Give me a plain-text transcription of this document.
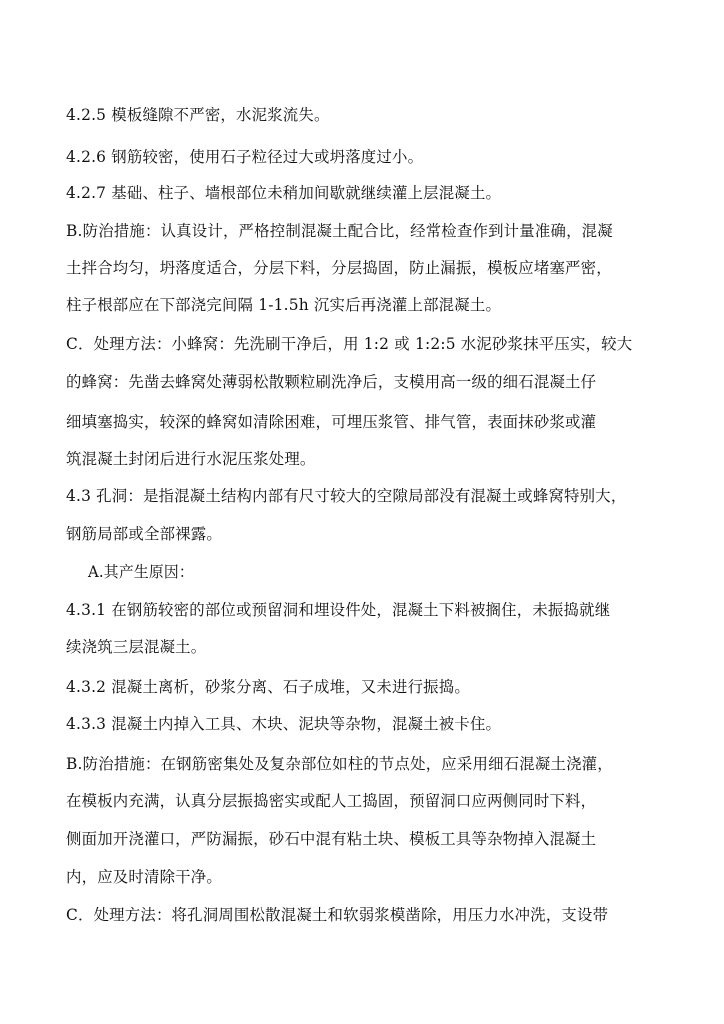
4.2.5 模板缝隙不严密，水泥浆流失。
4.2.6 钢筋较密，使用石子粒径过大或坍落度过小。
4.2.7 基础、柱子、墙根部位未稍加间歇就继续灌上层混凝土。
B.防治措施：认真设计，严格控制混凝土配合比，经常检查作到计量准确，混凝
土拌合均匀，坍落度适合，分层下料，分层捣固，防止漏振，模板应堵塞严密，
柱子根部应在下部浇完间隔 1-1.5h 沉实后再浇灌上部混凝土。
C．处理方法：小蜂窝：先洗刷干净后，用 1:2 或 1:2:5 水泥砂浆抹平压实，较大
的蜂窝：先凿去蜂窝处薄弱松散颗粒刷洗净后，支模用高一级的细石混凝土仔
细填塞捣实，较深的蜂窝如清除困难，可埋压浆管、排气管，表面抹砂浆或灌
筑混凝土封闭后进行水泥压浆处理。
4.3 孔洞：是指混凝土结构内部有尺寸较大的空隙局部没有混凝土或蜂窝特别大，
钢筋局部或全部裸露。
A.其产生原因：
4.3.1 在钢筋较密的部位或预留洞和埋设件处，混凝土下料被搁住，未振捣就继
续浇筑三层混凝土。
4.3.2 混凝土离析，砂浆分离、石子成堆，又未进行振捣。
4.3.3 混凝土内掉入工具、木块、泥块等杂物，混凝土被卡住。
B.防治措施：在钢筋密集处及复杂部位如柱的节点处，应采用细石混凝土浇灌，
在模板内充满，认真分层振捣密实或配人工捣固，预留洞口应两侧同时下料，
侧面加开浇灌口，严防漏振，砂石中混有粘土块、模板工具等杂物掉入混凝土
内，应及时清除干净。
C．处理方法：将孔洞周围松散混凝土和软弱浆模凿除，用压力水冲洗，支设带
